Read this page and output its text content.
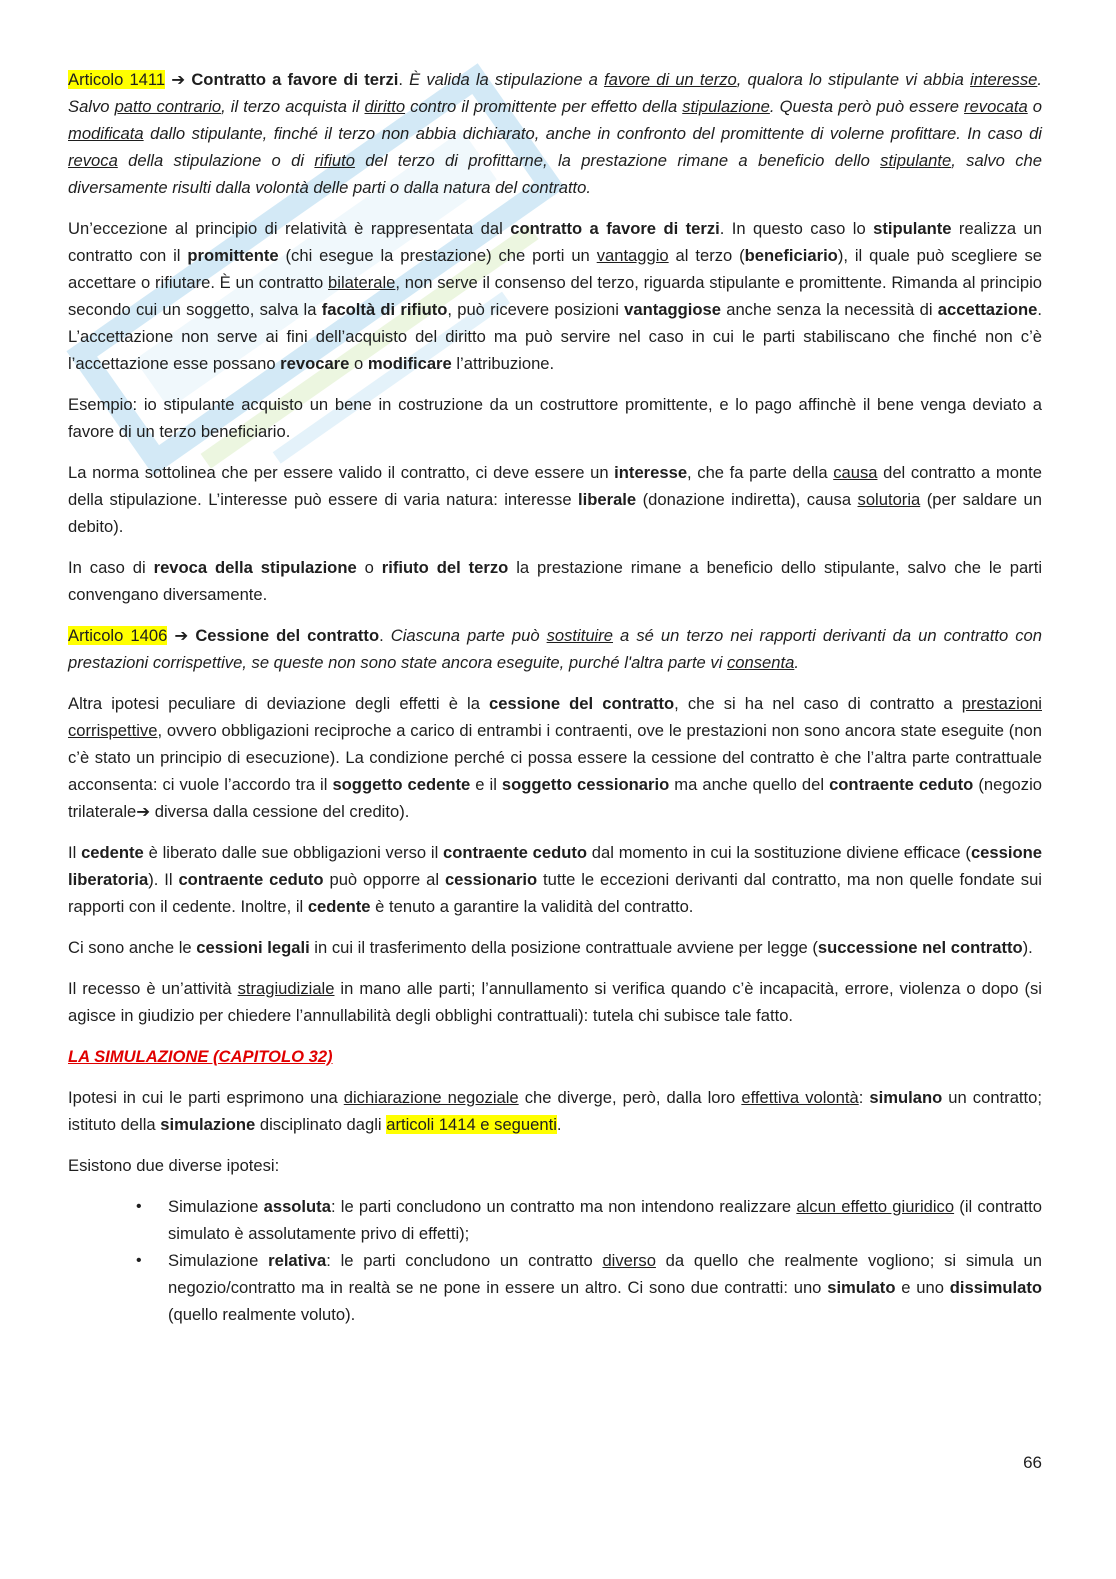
Articolo 1411 ➔ Contratto a favore di terzi. È valida la stipulazione a favore di un terzo, qualora lo stipulante vi abbia interesse. Salvo patto contrario, il terzo acquista il diritto contro il promittente per effetto della stipulazione. Questa però può essere revocata o modificata dallo stipulante, finché il terzo non abbia dichiarato, anche in confronto del promittente di volerne profittare. In caso di revoca della stipulazione o di rifiuto del terzo di profittarne, la prestazione rimane a beneficio dello stipulante, salvo che diversamente risulti dalla volontà delle parti o dalla natura del contratto.

Un’eccezione al principio di relatività è rappresentata dal contratto a favore di terzi. In questo caso lo stipulante realizza un contratto con il promittente (chi esegue la prestazione) che porti un vantaggio al terzo (beneficiario), il quale può scegliere se accettare o rifiutare. È un contratto bilaterale, non serve il consenso del terzo, riguarda stipulante e promittente. Rimanda al principio secondo cui un soggetto, salva la facoltà di rifiuto, può ricevere posizioni vantaggiose anche senza la necessità di accettazione. L’accettazione non serve ai fini dell’acquisto del diritto ma può servire nel caso in cui le parti stabiliscano che finché non c’è l’accettazione esse possano revocare o modificare l’attribuzione.

Esempio: io stipulante acquisto un bene in costruzione da un costruttore promittente, e lo pago affinchè il bene venga deviato a favore di un terzo beneficiario.

La norma sottolinea che per essere valido il contratto, ci deve essere un interesse, che fa parte della causa del contratto a monte della stipulazione. L’interesse può essere di varia natura: interesse liberale (donazione indiretta), causa solutoria (per saldare un debito).

In caso di revoca della stipulazione o rifiuto del terzo la prestazione rimane a beneficio dello stipulante, salvo che le parti convengano diversamente.

Articolo 1406 ➔ Cessione del contratto. Ciascuna parte può sostituire a sé un terzo nei rapporti derivanti da un contratto con prestazioni corrispettive, se queste non sono state ancora eseguite, purché l'altra parte vi consenta.

Altra ipotesi peculiare di deviazione degli effetti è la cessione del contratto, che si ha nel caso di contratto a prestazioni corrispettive, ovvero obbligazioni reciproche a carico di entrambi i contraenti, ove le prestazioni non sono ancora state eseguite (non c’è stato un principio di esecuzione). La condizione perché ci possa essere la cessione del contratto è che l’altra parte contrattuale acconsenta: ci vuole l’accordo tra il soggetto cedente e il soggetto cessionario ma anche quello del contraente ceduto (negozio trilaterale➔ diversa dalla cessione del credito).

Il cedente è liberato dalle sue obbligazioni verso il contraente ceduto dal momento in cui la sostituzione diviene efficace (cessione liberatoria). Il contraente ceduto può opporre al cessionario tutte le eccezioni derivanti dal contratto, ma non quelle fondate sui rapporti con il cedente. Inoltre, il cedente è tenuto a garantire la validità del contratto.

Ci sono anche le cessioni legali in cui il trasferimento della posizione contrattuale avviene per legge (successione nel contratto).

Il recesso è un’attività stragiudiziale in mano alle parti; l’annullamento si verifica quando c’è incapacità, errore, violenza o dopo (si agisce in giudizio per chiedere l’annullabilità degli obblighi contrattuali): tutela chi subisce tale fatto.

LA SIMULAZIONE (CAPITOLO 32)

Ipotesi in cui le parti esprimono una dichiarazione negoziale che diverge, però, dalla loro effettiva volontà: simulano un contratto; istituto della simulazione disciplinato dagli articoli 1414 e seguenti.

Esistono due diverse ipotesi:

• Simulazione assoluta: le parti concludono un contratto ma non intendono realizzare alcun effetto giuridico (il contratto simulato è assolutamente privo di effetti);
• Simulazione relativa: le parti concludono un contratto diverso da quello che realmente vogliono; si simula un negozio/contratto ma in realtà se ne pone in essere un altro. Ci sono due contratti: uno simulato e uno dissimulato (quello realmente voluto).
66
